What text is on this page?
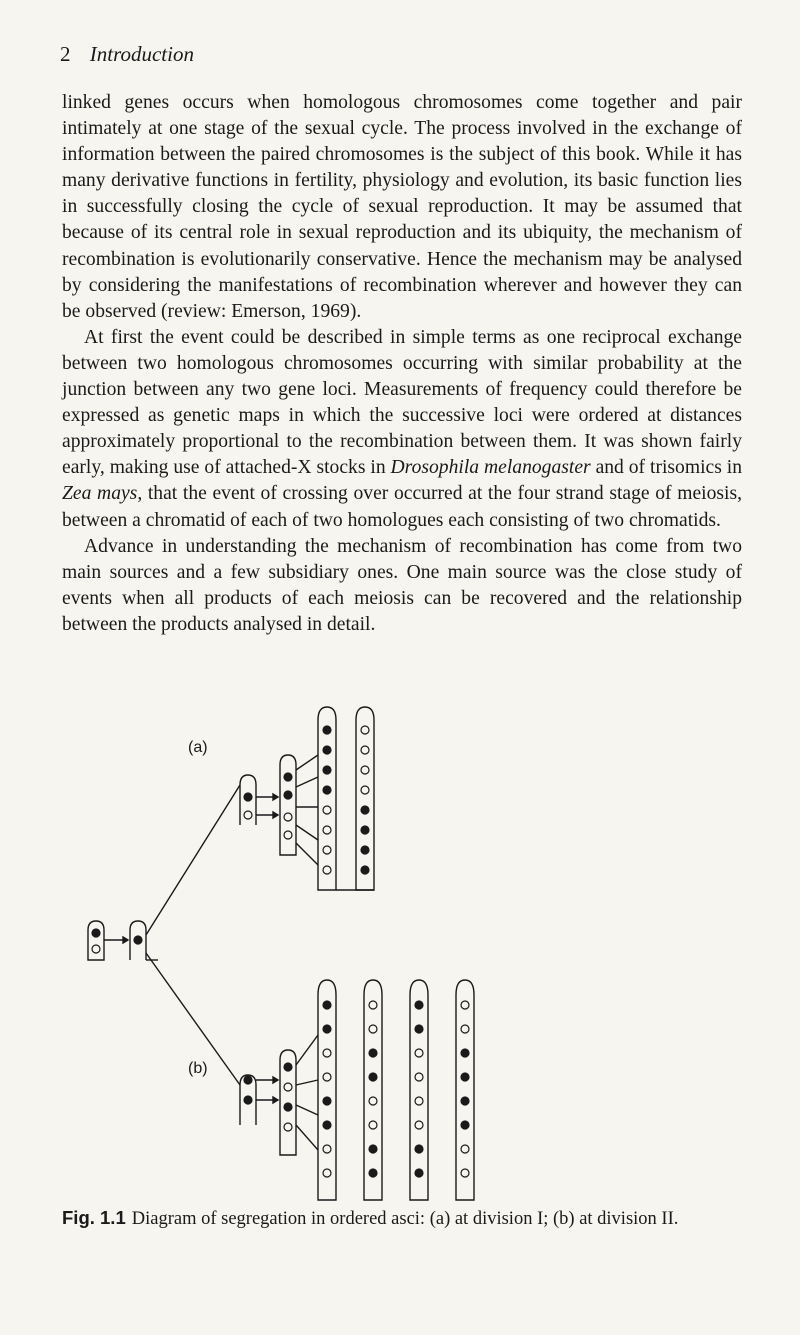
2 Introduction

linked genes occurs when homologous chromosomes come together and pair intimately at one stage of the sexual cycle. The process involved in the exchange of information between the paired chromosomes is the subject of this book. While it has many derivative functions in fertility, physiology and evolution, its basic function lies in successfully closing the cycle of sexual reproduction. It may be assumed that because of its central role in sexual reproduction and its ubiquity, the mechanism of recombination is evolutionarily conservative. Hence the mechanism may be analysed by considering the manifestations of recombination wherever and however they can be observed (review: Emerson, 1969).

At first the event could be described in simple terms as one reciprocal exchange between two homologous chromosomes occurring with similar probability at the junction between any two gene loci. Measurements of frequency could therefore be expressed as genetic maps in which the successive loci were ordered at distances approximately proportional to the recombination between them. It was shown fairly early, making use of attached-X stocks in Drosophila melanogaster and of trisomics in Zea mays, that the event of crossing over occurred at the four strand stage of meiosis, between a chromatid of each of two homologues each consisting of two chromatids.

Advance in understanding the mechanism of recombination has come from two main sources and a few subsidiary ones. One main source was the close study of events when all products of each meiosis can be recovered and the relationship between the products analysed in detail.

(a)
(b)
Fig. 1.1 Diagram of segregation in ordered asci: (a) at division I; (b) at division II.
